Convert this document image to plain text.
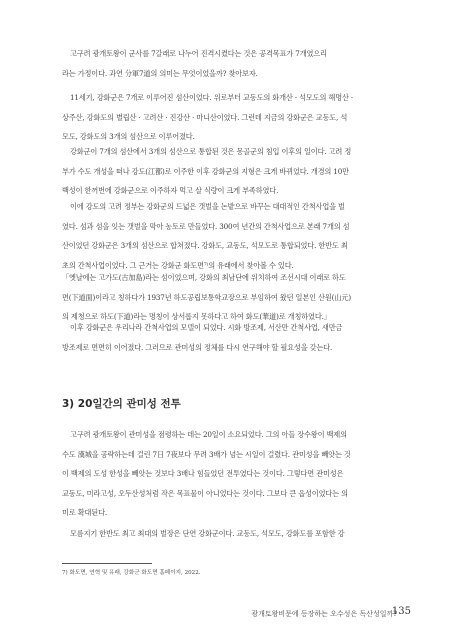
고구려 광개토왕이 군사를 7갈래로 나누어 진격시켰다는 것은 공격목표가 7개였으리
라는 가정이다. 과연 分軍7道의 의미는 무엇이었을까? 찾아보자.

11세기, 강화군은 7개로 이루어진 섬산이었다. 위로부터 교동도의 화개산 · 석모도의 해명산 ·
상주산, 강화도의 별립산 · 고려산 · 진강산 · 마니산이었다. 그런데 지금의 강화군은 교동도, 석
모도, 강화도의 3개의 섬산으로 이루어졌다.

강화군이 7개의 섬산에서 3개의 섬산으로 통합된 것은 몽골군의 침입 이후의 일이다. 고려 정
부가 수도 개성을 떠나 강도(江都)로 이주한 이후 강화군의 지형은 크게 바뀌었다. 개경의 10만
백성이 한꺼번에 강화군으로 이주하자 먹고 살 식량이 크게 부족하였다.

이에 강도의 고려 정부는 강화군의 드넓은 갯벌을 논밭으로 바꾸는 대대적인 간척사업을 벌
였다. 섬과 섬을 잇는 갯벌을 막아 농토로 만들었다. 300여 년간의 간척사업으로 본래 7개의 섬
산이었던 강화군은 3개의 섬산으로 합쳐졌다. 강화도, 교동도, 석모도로 통합되었다. 한반도 최
초의 간척사업이었다. 그 근거는 강화군 화도면⁷⁾의 유래에서 찾아볼 수 있다.

「옛날에는 고가도(古加島)라는 섬이었으며, 강화의 최남단에 위치하여 조선시대 이래로 하도
면(下道面)이라고 칭하다가 1937년 하도공립보통학교장으로 부임하여 왔던 일본인 산원(山元)
의 제청으로 하도(下道)라는 명칭이 상서롭지 못하다고 하여 화도(華道)로 개칭하였다.」

이후 강화군은 우리나라 간척사업의 모델이 되었다. 시화 방조제, 서산만 간척사업, 새만금
방조제로 면면히 이어졌다. 그러므로 관미성의 정체를 다시 연구해야 할 필요성을 갖는다.

3) 20일간의 관미성 전투

고구려 광개토왕이 관미성을 점령하는 데는 20일이 소요되었다. 그의 아들 장수왕이 백제의
수도 漢城을 공략하는데 걸린 7日 7夜보다 무려 3배가 넘는 시일이 걸렸다. 관미성을 빼앗는 것
이 백제의 도성 한성을 빼앗는 것보다 3배나 힘들었던 전투였다는 것이다. 그렇다면 관미성은
교동도, 미라고성, 오두산성처럼 작은 목표물이 아니었다는 것이다. 그보다 큰 읍성이었다는 의
미로 확대된다.

모름지기 한반도 최고 최대의 벌장은 단연 강화군이다. 교동도, 석모도, 강화도를 포함한 강

7) 화도면, 연혁 및 유래, 강화군 화도면 홈페이지, 2022.

광개토왕비문에 등장하는 오수성은 독산성일까?
135
